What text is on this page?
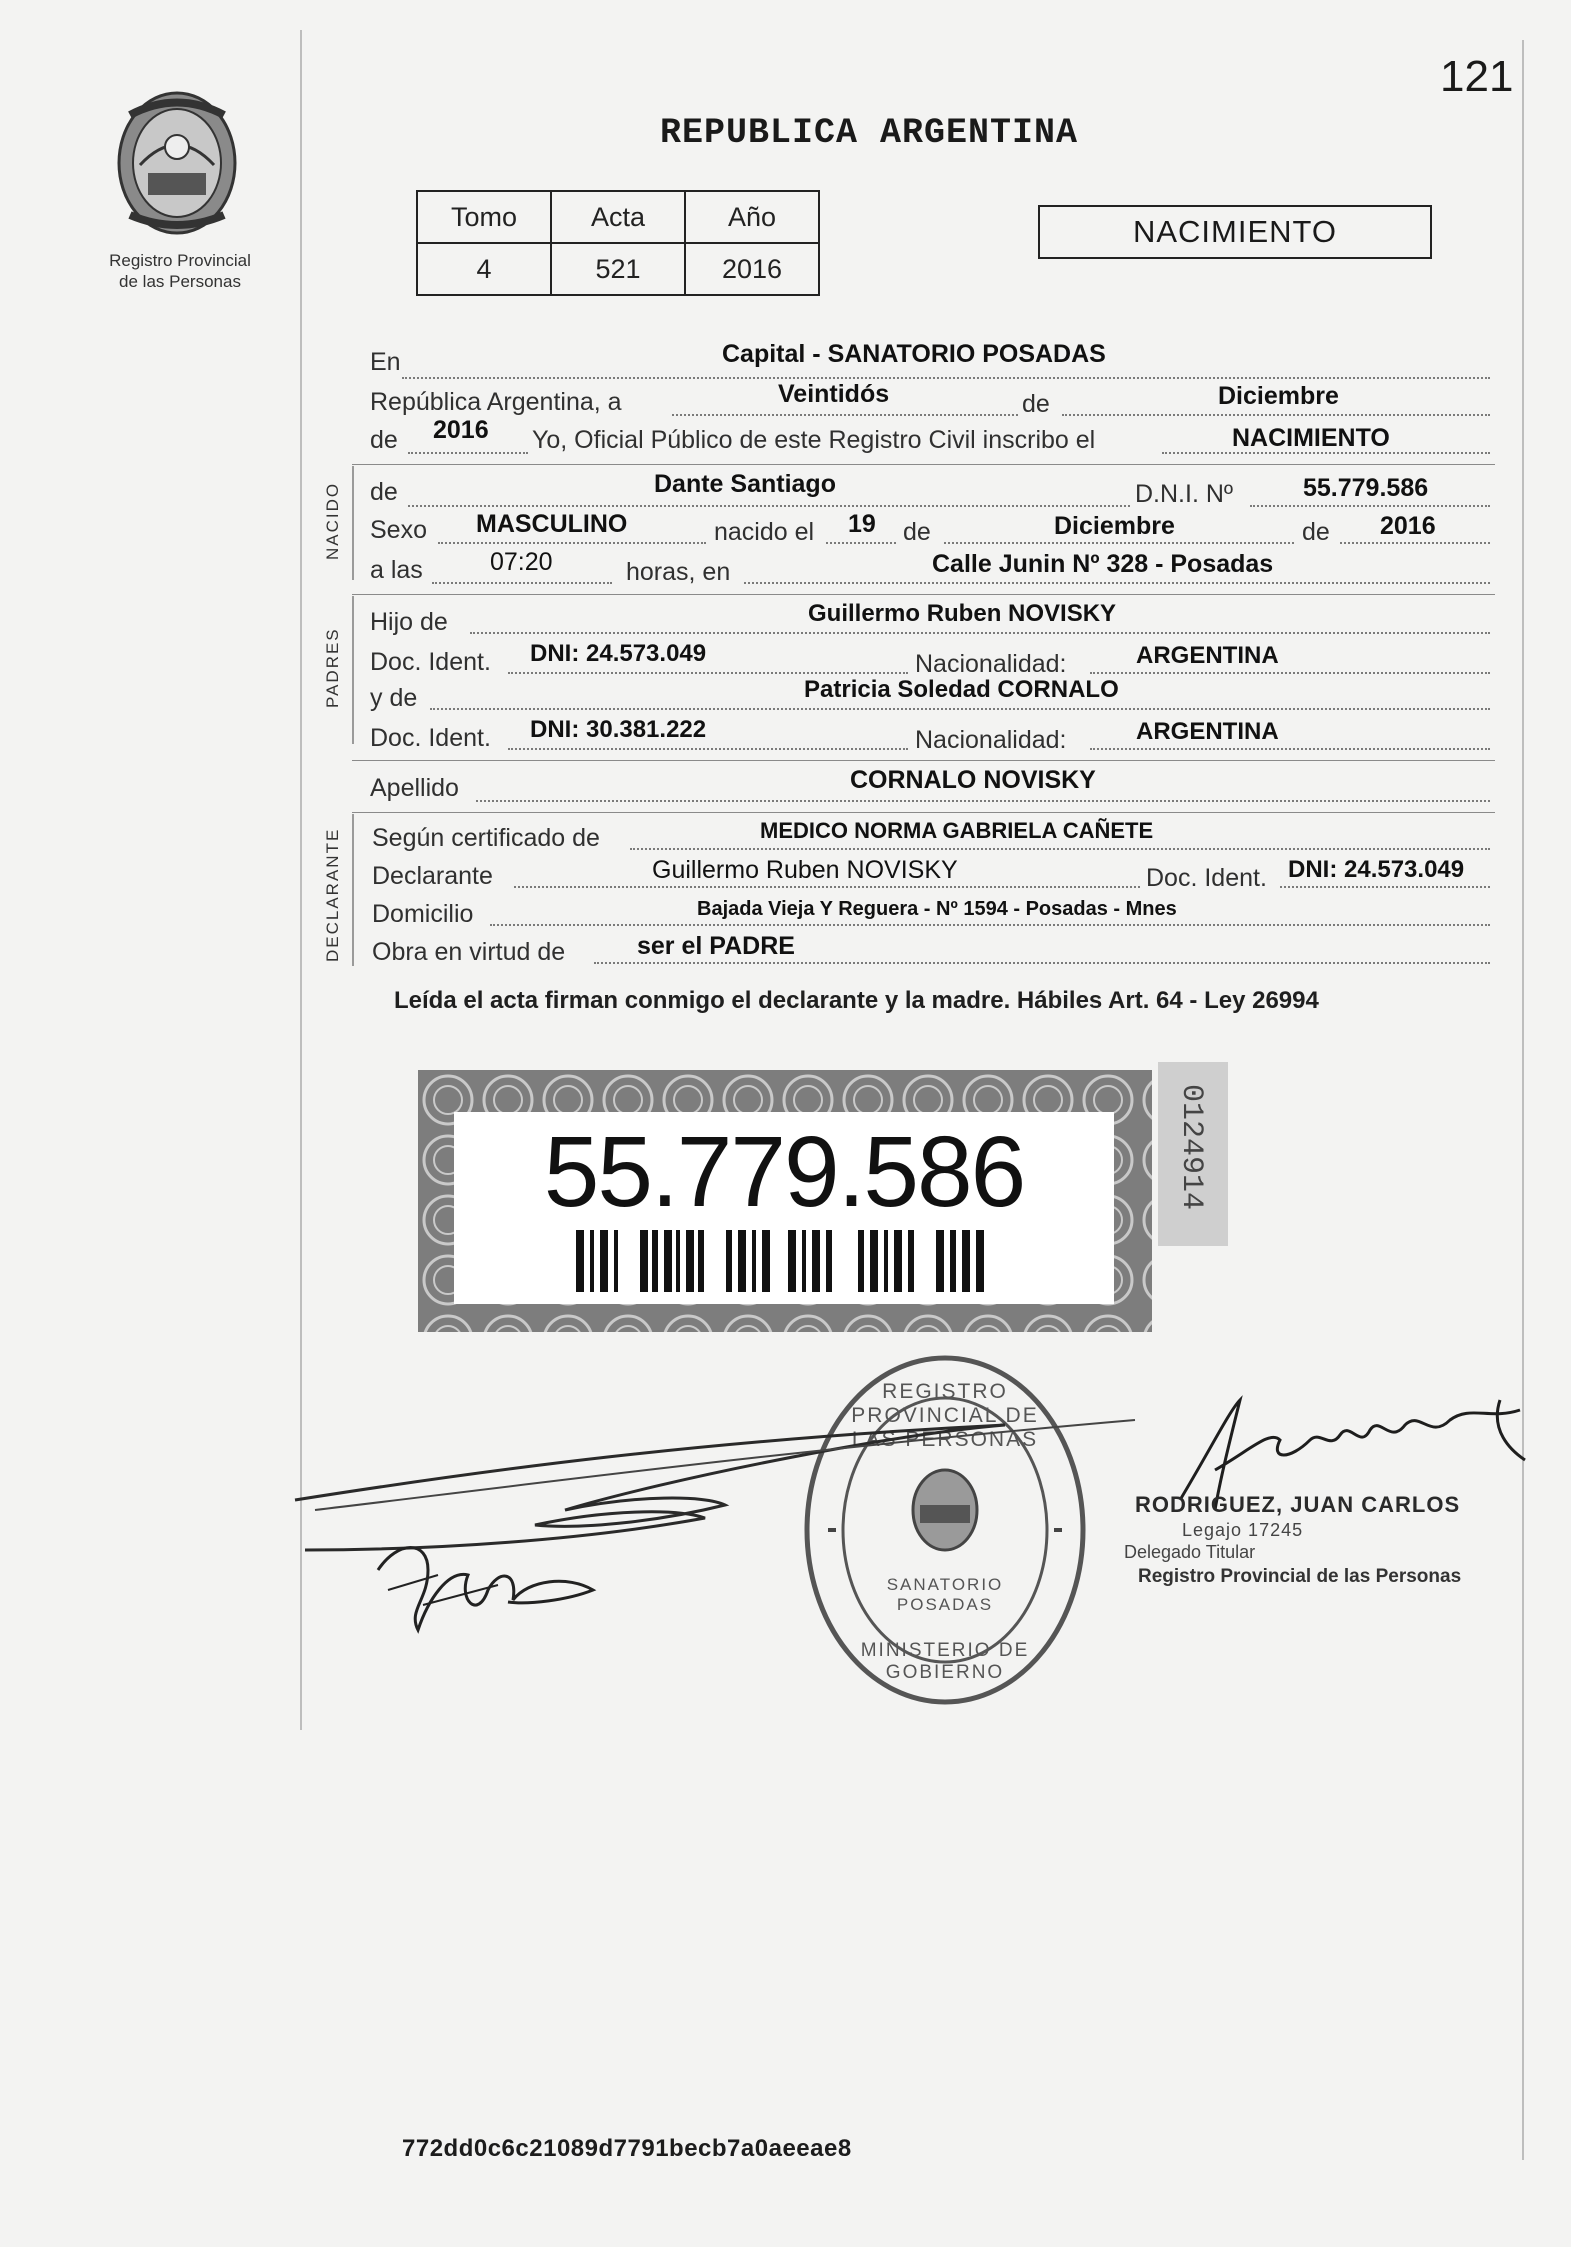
121
Registro Provincial
de las Personas
REPUBLICA ARGENTINA
Tomo	Acta	Año
4	521	2016
NACIMIENTO
En	Capital - SANATORIO POSADAS
República Argentina, a	Veintidós	de	Diciembre
de 2016 Yo, Oficial Público de este Registro Civil inscribo el	NACIMIENTO
NACIDO de	Dante Santiago	D.N.I. Nº	55.779.586
Sexo MASCULINO	nacido el 19 de	Diciembre	de 2016
a las	07:20	horas, en	Calle Junin Nº 328 - Posadas
PADRES
Hijo de	Guillermo Ruben NOVISKY
Doc. Ident. DNI: 24.573.049	Nacionalidad:	ARGENTINA
y de	Patricia Soledad CORNALO
Doc. Ident. DNI: 30.381.222	Nacionalidad:	ARGENTINA
Apellido	CORNALO NOVISKY
DECLARANTE Según certificado de	MEDICO NORMA GABRIELA CAÑETE
Declarante	Guillermo Ruben NOVISKY	Doc. Ident. DNI: 24.573.049
Domicilio	Bajada Vieja Y Reguera - Nº 1594 - Posadas - Mnes
Obra en virtud de	ser el PADRE
Leída el acta firman conmigo el declarante y la madre. Hábiles Art. 64 - Ley 26994
55.779.586	0124914
REGISTRO PROVINCIAL DE LAS PERSONAS
SANATORIO POSADAS
MINISTERIO DE GOBIERNO
RODRIGUEZ, JUAN CARLOS
Legajo 17245
Delegado Titular
Registro Provincial de las Personas
772dd0c6c21089d7791becb7a0aeeae8
